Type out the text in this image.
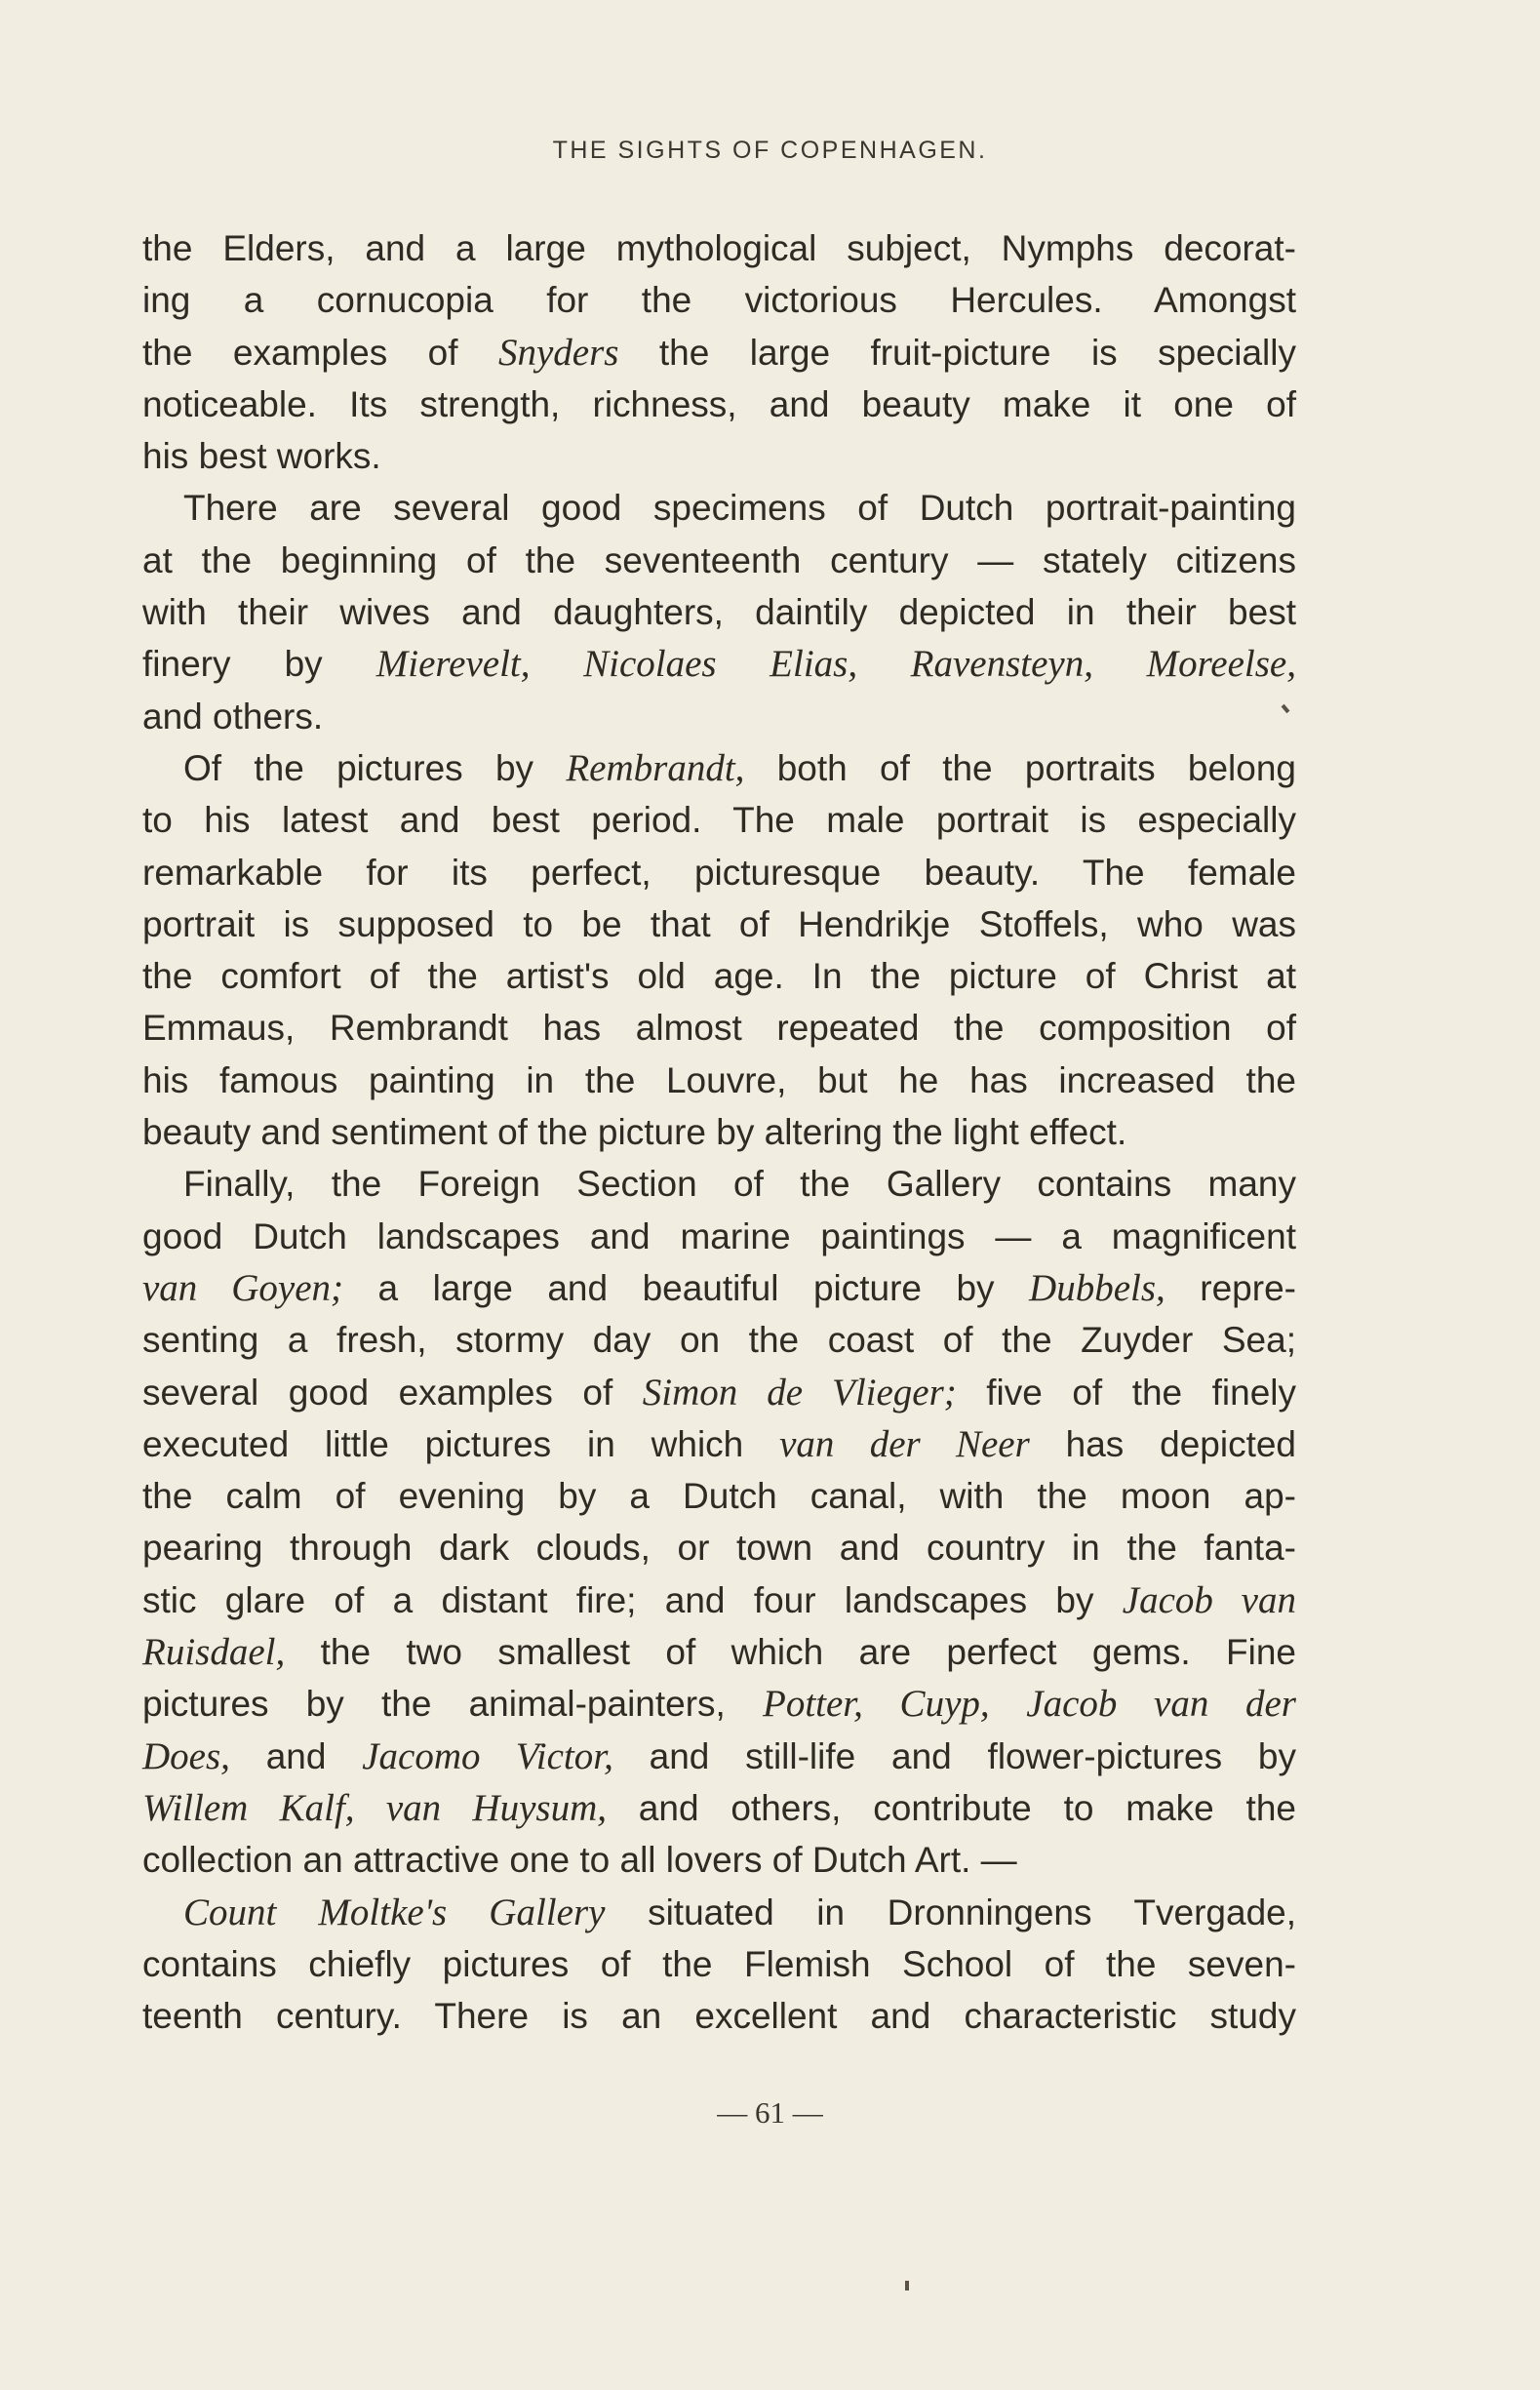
THE SIGHTS OF COPENHAGEN.
the Elders, and a large mythological subject, Nymphs decorat-
ing a cornucopia for the victorious Hercules. Amongst
the examples of Snyders the large fruit-picture is specially
noticeable. Its strength, richness, and beauty make it one of
his best works.
There are several good specimens of Dutch portrait-painting
at the beginning of the seventeenth century — stately citizens
with their wives and daughters, daintily depicted in their best
finery by Mierevelt, Nicolaes Elias, Ravensteyn, Moreelse,
and others.
Of the pictures by Rembrandt, both of the portraits belong
to his latest and best period. The male portrait is especially
remarkable for its perfect, picturesque beauty. The female
portrait is supposed to be that of Hendrikje Stoffels, who was
the comfort of the artist's old age. In the picture of Christ at
Emmaus, Rembrandt has almost repeated the composition of
his famous painting in the Louvre, but he has increased the
beauty and sentiment of the picture by altering the light effect.
Finally, the Foreign Section of the Gallery contains many
good Dutch landscapes and marine paintings — a magnificent
van Goyen; a large and beautiful picture by Dubbels, repre-
senting a fresh, stormy day on the coast of the Zuyder Sea;
several good examples of Simon de Vlieger; five of the finely
executed little pictures in which van der Neer has depicted
the calm of evening by a Dutch canal, with the moon ap-
pearing through dark clouds, or town and country in the fanta-
stic glare of a distant fire; and four landscapes by Jacob van
Ruisdael, the two smallest of which are perfect gems. Fine
pictures by the animal-painters, Potter, Cuyp, Jacob van der
Does, and Jacomo Victor, and still-life and flower-pictures by
Willem Kalf, van Huysum, and others, contribute to make the
collection an attractive one to all lovers of Dutch Art. —
Count Moltke's Gallery situated in Dronningens Tvergade,
contains chiefly pictures of the Flemish School of the seven-
teenth century. There is an excellent and characteristic study
— 61 —
